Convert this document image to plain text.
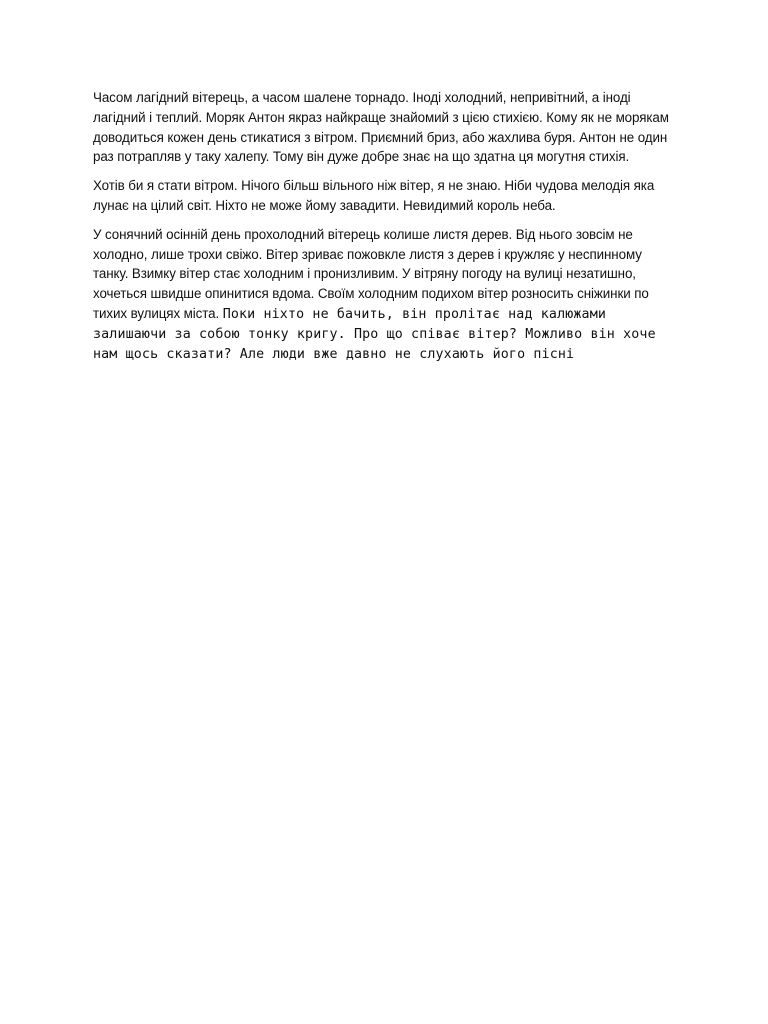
Часом лагідний вітерець, а часом шалене торнадо. Іноді холодний, непривітний, а іноді лагідний і теплий. Моряк Антон якраз найкраще знайомий з цією стихією. Кому як не морякам доводиться кожен день стикатися з вітром. Приємний бриз, або жахлива буря. Антон не один раз потрапляв у таку халепу. Тому він дуже добре знає на що здатна ця могутня стихія.

Хотів би я стати вітром. Нічого більш вільного ніж вітер, я не знаю. Ніби чудова мелодія яка лунає на цілий світ. Ніхто не може йому завадити. Невидимий король неба.

У сонячний осінній день прохолодний вітерець колише листя дерев. Від нього зовсім не холодно, лише трохи свіжо. Вітер зриває пожовкле листя з дерев і кружляє у неспинному танку. Взимку вітер стає холодним і пронизливим. У вітряну погоду на вулиці незатишно, хочеться швидше опинитися вдома. Своїм холодним подихом вітер розносить сніжинки по тихих вулицях міста. Поки ніхто не бачить, він пролітає над калюжами залишаючи за собою тонку кригу. Про що співає вітер? Можливо він хоче нам щось сказати? Але люди вже давно не слухають його пісні
